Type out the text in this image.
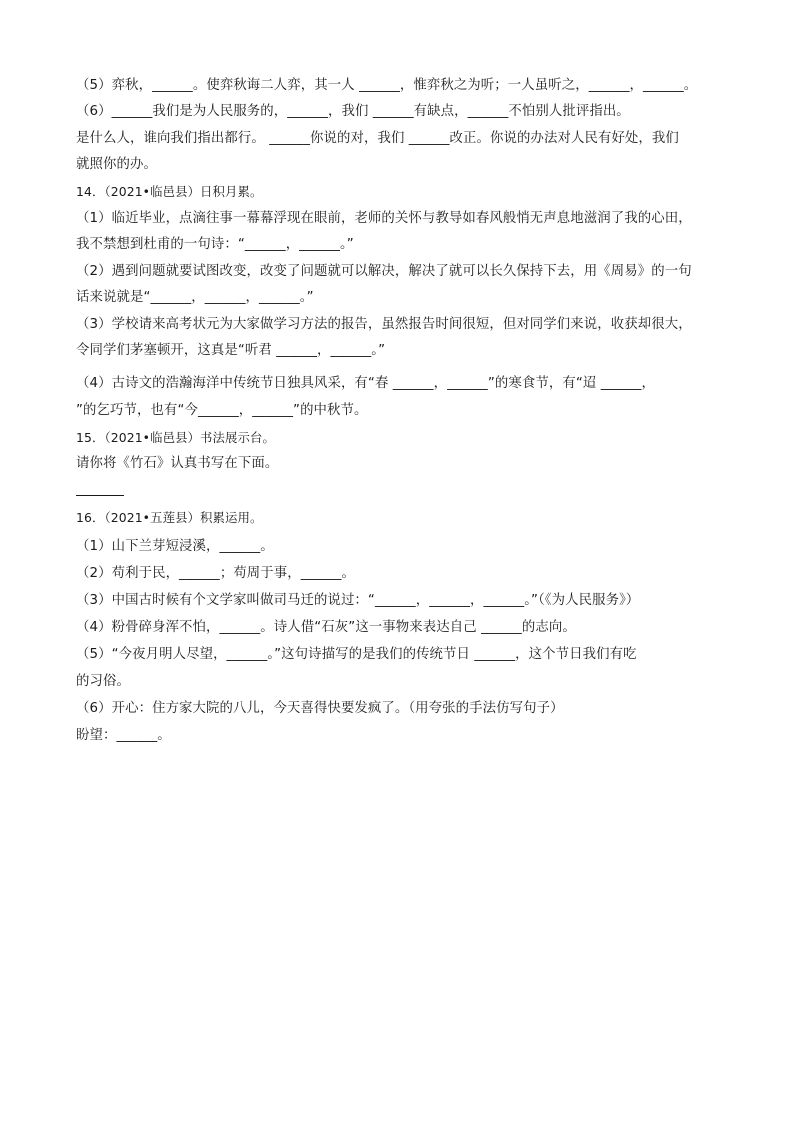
（5）弈秋，______。使弈秋诲二人弈，其一人 ______，惟弈秋之为听；一人虽听之，______，______。
（6）______我们是为人民服务的，______，我们 ______有缺点，______不怕别人批评指出。
是什么人，谁向我们指出都行。 ______你说的对，我们 ______改正。你说的办法对人民有好处，我们
就照你的办。
14．（2021•临邑县）日积月累。
（1）临近毕业，点滴往事一幕幕浮现在眼前，老师的关怀与教导如春风般悄无声息地滋润了我的心田，
我不禁想到杜甫的一句诗：“______，______。”
（2）遇到问题就要试图改变，改变了问题就可以解决，解决了就可以长久保持下去，用《周易》的一句
话来说就是“______，______，______。”
（3）学校请来高考状元为大家做学习方法的报告，虽然报告时间很短，但对同学们来说，收获却很大，
令同学们茅塞顿开，这真是“听君 ______，______。”
（4）古诗文的浩瀚海洋中传统节日独具风采，有“春 ______，______”的寒食节，有“迢 ______，
”的乞巧节，也有“今______，______”的中秋节。
15．（2021•临邑县）书法展示台。
请你将《竹石》认真书写在下面。
16．（2021•五莲县）积累运用。
（1）山下兰芽短浸溪，______。
（2）苟利于民，______；苟周于事，______。
（3）中国古时候有个文学家叫做司马迁的说过：“______，______，______。”（《为人民服务》）
（4）粉骨碎身浑不怕，______。诗人借“石灰”这一事物来表达自己 ______的志向。
（5）“今夜月明人尽望，______。”这句诗描写的是我们的传统节日 ______，这个节日我们有吃
的习俗。
（6）开心：住方家大院的八儿，今天喜得快要发疯了。（用夸张的手法仿写句子）
盼望：______。
